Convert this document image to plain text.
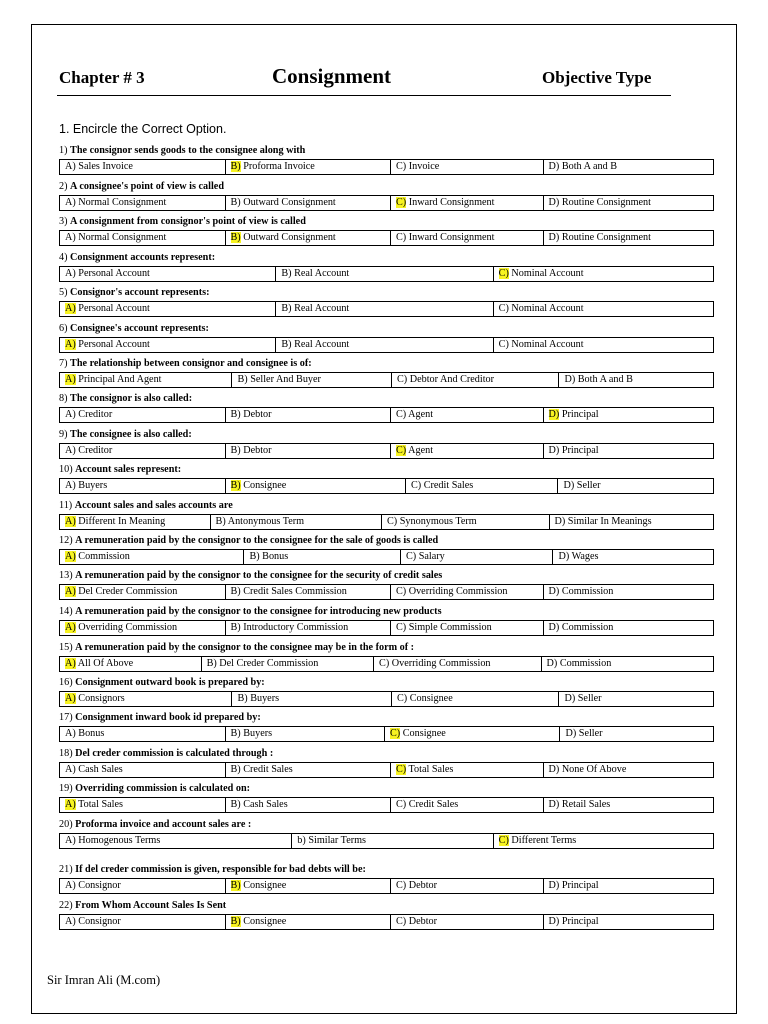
Chapter # 3	Consignment	Objective Type
1. Encircle the Correct Option.
1) The consignor sends goods to the consignee along with
A) Sales Invoice	B) Proforma Invoice	C) Invoice	D) Both A and B
2) A consignee's point of view is called
A) Normal Consignment	B) Outward Consignment	C) Inward Consignment	D) Routine Consignment
3) A consignment from consignor's point of view is called
A) Normal Consignment	B) Outward Consignment	C) Inward Consignment	D) Routine Consignment
4) Consignment accounts represent:
A) Personal Account	B) Real Account	C) Nominal Account
5) Consignor's account represents:
A) Personal Account	B) Real Account	C) Nominal Account
6) Consignee's account represents:
A) Personal Account	B) Real Account	C) Nominal Account
7) The relationship between consignor and consignee is of:
A) Principal And Agent	B) Seller And Buyer	C) Debtor And Creditor	D) Both A and B
8) The consignor is also called:
A) Creditor	B) Debtor	C) Agent	D) Principal
9) The consignee is also called:
A) Creditor	B) Debtor	C) Agent	D) Principal
10) Account sales represent:
A) Buyers	B) Consignee	C) Credit Sales	D) Seller
11) Account sales and sales accounts are
A) Different In Meaning	B) Antonymous Term	C) Synonymous Term	D) Similar In Meanings
12) A remuneration paid by the consignor to the consignee for the sale of goods is called
A) Commission	B) Bonus	C) Salary	D) Wages
13) A remuneration paid by the consignor to the consignee for the security of credit sales
A) Del Creder Commission	B) Credit Sales Commission	C) Overriding Commission	D) Commission
14) A remuneration paid by the consignor to the consignee for introducing new products
A) Overriding Commission	B) Introductory Commission	C) Simple Commission	D) Commission
15) A remuneration paid by the consignor to the consignee may be in the form of :
A) All Of Above	B) Del Creder Commission	C) Overriding Commission	D) Commission
16) Consignment outward book is prepared by:
A) Consignors	B) Buyers	C) Consignee	D) Seller
17) Consignment inward book id prepared by:
A) Bonus	B) Buyers	C) Consignee	D) Seller
18) Del creder commission is calculated through :
A) Cash Sales	B) Credit Sales	C) Total Sales	D) None Of Above
19) Overriding commission is calculated on:
A) Total Sales	B) Cash Sales	C) Credit Sales	D) Retail Sales
20) Proforma invoice and account sales are :
A) Homogenous Terms	b) Similar Terms	C) Different Terms
21) If del creder commission is given, responsible for bad debts will be:
A) Consignor	B) Consignee	C) Debtor	D) Principal
22) From Whom Account Sales Is Sent
A) Consignor	B) Consignee	C) Debtor	D) Principal
Sir Imran Ali (M.com)
